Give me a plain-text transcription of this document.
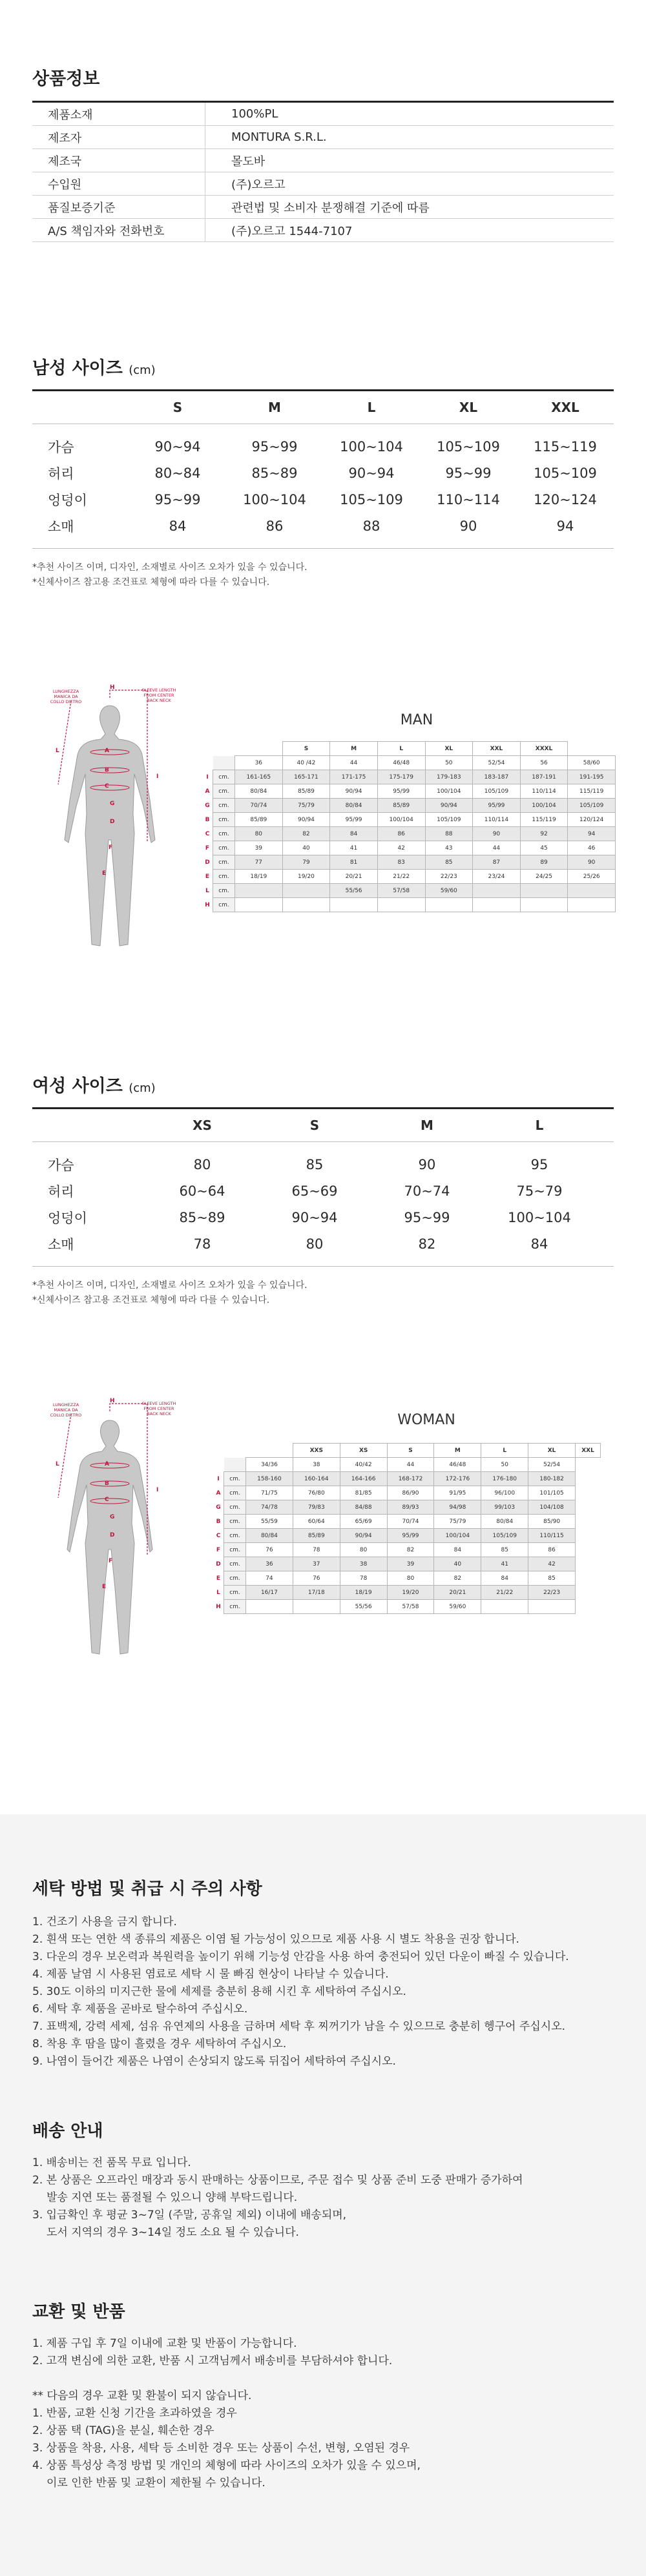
상품정보
제품소재	100%PL
제조자	MONTURA S.R.L.
제조국	몰도바
수입원	(주)오르고
품질보증기준	관련법 및 소비자 분쟁해결 기준에 따름
A/S 책임자와 전화번호	(주)오르고 1544-7107
남성 사이즈 (cm)
S	M	L	XL	XXL
가슴	90~94	95~99	100~104	105~109	115~119
허리	80~84	85~89	90~94	95~99	105~109
엉덩이	95~99	100~104	105~109	110~114	120~124
소매	84	86	88	90	94
*추천 사이즈 이며, 디자인, 소재별로 사이즈 오차가 있을 수 있습니다.
*신체사이즈 참고용 조건표로 체형에 따라 다를 수 있습니다.
H
A
B
C
D
E
F
G
I
L
LUNGHEZZA MANICA DA COLLO DIETRO
SLEEVE LENGTH FROM CENTER BACK NECK
MAN
			S	M	L	XL	XXL	XXXL	
		36	40 /42	44	46/48	50	52/54	56	58/60
I	cm.	161-165	165-171	171-175	175-179	179-183	183-187	187-191	191-195
A	cm.	80/84	85/89	90/94	95/99	100/104	105/109	110/114	115/119
G	cm.	70/74	75/79	80/84	85/89	90/94	95/99	100/104	105/109
B	cm.	85/89	90/94	95/99	100/104	105/109	110/114	115/119	120/124
C	cm.	80	82	84	86	88	90	92	94
F	cm.	39	40	41	42	43	44	45	46
D	cm.	77	79	81	83	85	87	89	90
E	cm.	18/19	19/20	20/21	21/22	22/23	23/24	24/25	25/26
L	cm.			55/56	57/58	59/60			
H	cm.								
여성 사이즈 (cm)
XS	S	M	L
가슴	80	85	90	95
허리	60~64	65~69	70~74	75~79
엉덩이	85~89	90~94	95~99	100~104
소매	78	80	82	84
*추천 사이즈 이며, 디자인, 소재별로 사이즈 오차가 있을 수 있습니다.
*신체사이즈 참고용 조건표로 체형에 따라 다를 수 있습니다.
H
A
B
C
D
E
F
G
I
L
LUNGHEZZA MANICA DA COLLO DIETRO
SLEEVE LENGTH FROM CENTER BACK NECK	WOMAN
			XXS	XS	S	M	L	XL	XXL
		34/36	38	40/42	44	46/48	50	52/54	
I	cm.	158-160	160-164	164-166	168-172	172-176	176-180	180-182	
A	cm.	71/75	76/80	81/85	86/90	91/95	96/100	101/105	
G	cm.	74/78	79/83	84/88	89/93	94/98	99/103	104/108	
B	cm.	55/59	60/64	65/69	70/74	75/79	80/84	85/90	
C	cm.	80/84	85/89	90/94	95/99	100/104	105/109	110/115	
F	cm.	76	78	80	82	84	85	86	
D	cm.	36	37	38	39	40	41	42	
E	cm.	74	76	78	80	82	84	85	
L	cm.	16/17	17/18	18/19	19/20	20/21	21/22	22/23	
H	cm.			55/56	57/58	59/60			
세탁 방법 및 취급 시 주의 사항
1. 건조기 사용을 금지 합니다.
2. 흰색 또는 연한 색 종류의 제품은 이염 될 가능성이 있으므로 제품 사용 시 별도 착용을 권장 합니다.
3. 다운의 경우 보온력과 복원력을 높이기 위해 기능성 안감을 사용 하여 충전되어 있던 다운이 빠질 수 있습니다.
4. 제품 날염 시 사용된 염료로 세탁 시 물 빠짐 현상이 나타날 수 있습니다.
5. 30도 이하의 미지근한 물에 세제를 충분히 용해 시킨 후 세탁하여 주십시오.
6. 세탁 후 제품을 곧바로 탈수하여 주십시오.
7. 표백제, 강력 세제, 섬유 유연제의 사용을 금하며 세탁 후 찌꺼기가 남을 수 있으므로 충분히 헹구어 주십시오.
8. 착용 후 땀을 많이 흘렸을 경우 세탁하여 주십시오.
9. 나염이 들어간 제품은 나염이 손상되지 않도록 뒤집어 세탁하여 주십시오.
배송 안내
1. 배송비는 전 품목 무료 입니다.
2. 본 상품은 오프라인 매장과 동시 판매하는 상품이므로, 주문 접수 및 상품 준비 도중 판매가 증가하여
발송 지연 또는 품절될 수 있으니 양해 부탁드립니다.
3. 입금확인 후 평균 3~7일 (주말, 공휴일 제외) 이내에 배송되며,
도서 지역의 경우 3~14일 정도 소요 될 수 있습니다.
교환 및 반품
1. 제품 구입 후 7일 이내에 교환 및 반품이 가능합니다.
2. 고객 변심에 의한 교환, 반품 시 고객님께서 배송비를 부담하셔야 합니다.
** 다음의 경우 교환 및 환불이 되지 않습니다.
1. 반품, 교환 신청 기간을 초과하였을 경우
2. 상품 택 (TAG)을 분실, 훼손한 경우
3. 상품을 착용, 사용, 세탁 등 소비한 경우 또는 상품이 수선, 변형, 오염된 경우
4. 상품 특성상 측정 방법 및 개인의 체형에 따라 사이즈의 오차가 있을 수 있으며,
이로 인한 반품 및 교환이 제한될 수 있습니다.
